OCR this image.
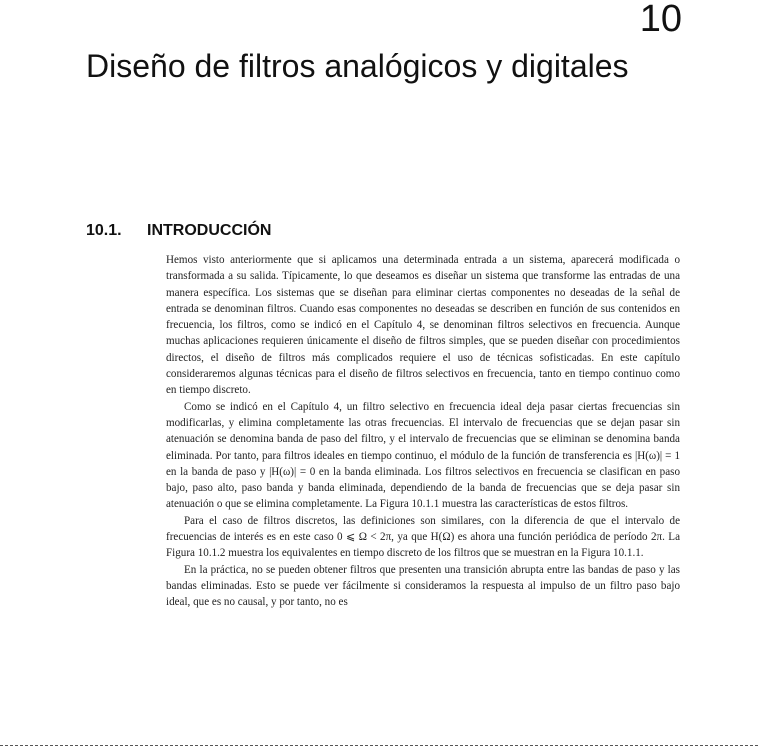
10
Diseño de filtros analógicos y digitales
10.1. INTRODUCCIÓN

Hemos visto anteriormente que si aplicamos una determinada entrada a un sistema, aparecerá modificada o transformada a su salida. Típicamente, lo que deseamos es diseñar un sistema que transforme las entradas de una manera específica. Los sistemas que se diseñan para eliminar ciertas componentes no deseadas de la señal de entrada se denominan filtros. Cuando esas componentes no deseadas se describen en función de sus contenidos en frecuencia, los filtros, como se indicó en el Capítulo 4, se denominan filtros selectivos en frecuencia. Aunque muchas aplicaciones requieren únicamente el diseño de filtros simples, que se pueden diseñar con procedimientos directos, el diseño de filtros más complicados requiere el uso de técnicas sofisticadas. En este capítulo consideraremos algunas técnicas para el diseño de filtros selectivos en frecuencia, tanto en tiempo continuo como en tiempo discreto.

Como se indicó en el Capítulo 4, un filtro selectivo en frecuencia ideal deja pasar ciertas frecuencias sin modificarlas, y elimina completamente las otras frecuencias. El intervalo de frecuencias que se dejan pasar sin atenuación se denomina banda de paso del filtro, y el intervalo de frecuencias que se eliminan se denomina banda eliminada. Por tanto, para filtros ideales en tiempo continuo, el módulo de la función de transferencia es |H(ω)| = 1 en la banda de paso y |H(ω)| = 0 en la banda eliminada. Los filtros selectivos en frecuencia se clasifican en paso bajo, paso alto, paso banda y banda eliminada, dependiendo de la banda de frecuencias que se deja pasar sin atenuación o que se elimina completamente. La Figura 10.1.1 muestra las características de estos filtros.

Para el caso de filtros discretos, las definiciones son similares, con la diferencia de que el intervalo de frecuencias de interés es en este caso 0 ⩽ Ω < 2π, ya que H(Ω) es ahora una función periódica de período 2π. La Figura 10.1.2 muestra los equivalentes en tiempo discreto de los filtros que se muestran en la Figura 10.1.1.

En la práctica, no se pueden obtener filtros que presenten una transición abrupta entre las bandas de paso y las bandas eliminadas. Esto se puede ver fácilmente si consideramos la respuesta al impulso de un filtro paso bajo ideal, que es no causal, y por tanto, no es
